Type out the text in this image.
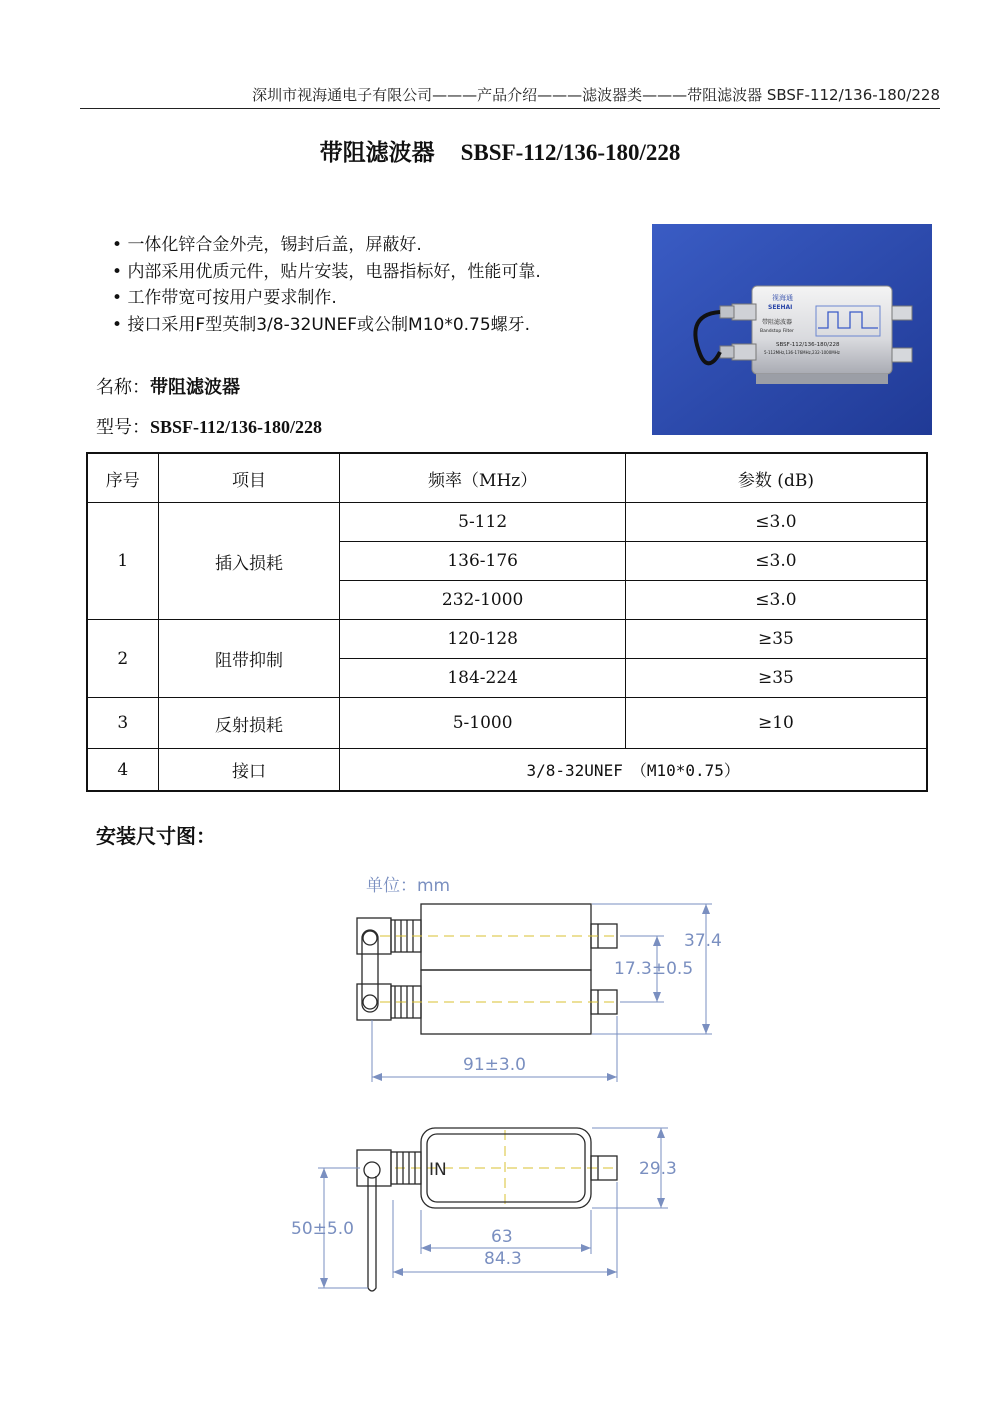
深圳市视海通电子有限公司———产品介绍———滤波器类———带阻滤波器 SBSF-112/136-180/228
带阻滤波器 SBSF-112/136-180/228
• 一体化锌合金外壳，锡封后盖，屏蔽好.
• 内部采用优质元件，贴片安装，电器指标好，性能可靠.
• 工作带宽可按用户要求制作.
• 接口采用F型英制3/8-32UNEF或公制M10*0.75螺牙.
视海通
SEEHAI
带阻滤波器
Bandstop Filter
SBSF-112/136-180/228
5-112MHz,136-176MHz,232-1000MHz
名称：带阻滤波器
型号：SBSF-112/136-180/228
序号	项目	频率（MHz）	参数 (dB)
1	插入损耗	5-112	≤3.0
		136-176	≤3.0
		232-1000	≤3.0
2	阻带抑制	120-128	≥35
		184-224	≥35
3	反射损耗	5-1000	≥10
4	接口	3/8-32UNEF　（M10*0.75）	
安装尺寸图：
单位：mm
37.4
17.3±0.5
91±3.0
29.3
50±5.0	63
84.3
IN
